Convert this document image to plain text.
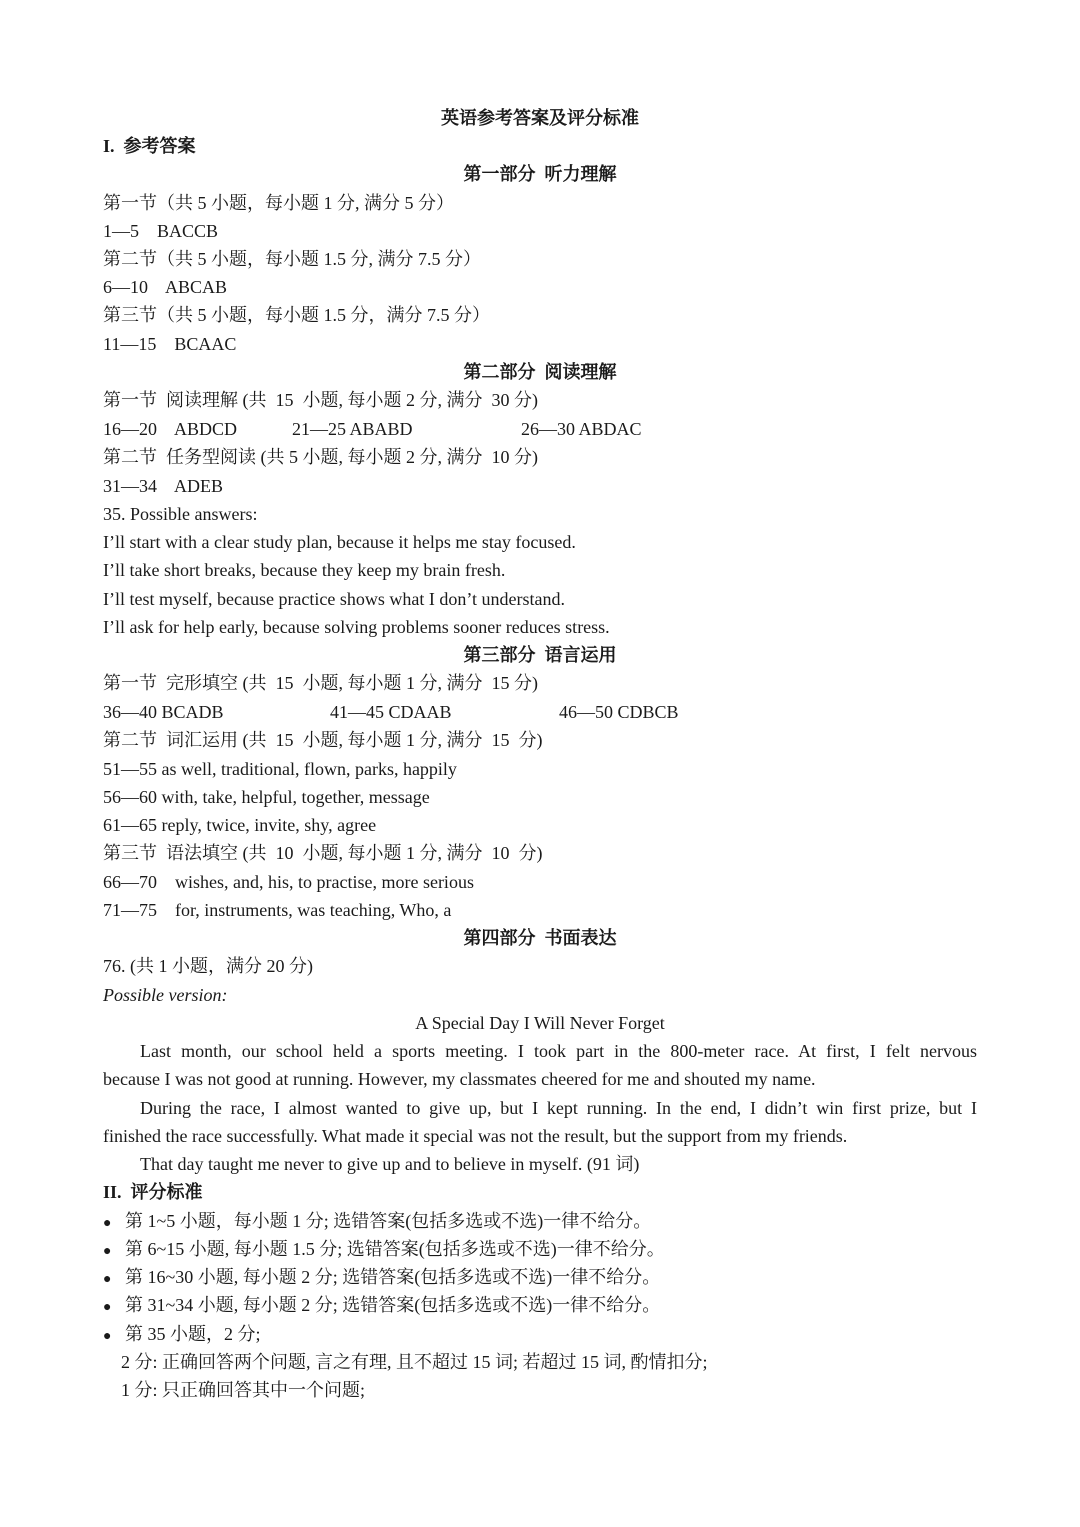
英语参考答案及评分标准
I.  参考答案
第一部分  听力理解
第一节（共 5 小题，每小题 1 分, 满分 5 分）
1—5    BACCB
第二节（共 5 小题，每小题 1.5 分, 满分 7.5 分）
6—10    ABCAB
第三节（共 5 小题，每小题 1.5 分，满分 7.5 分）
11—15    BCAAC
第二部分  阅读理解
第一节  阅读理解 (共  15  小题, 每小题 2 分, 满分  30 分)
16—20    ABDCD	21—25 ABABD	26—30 ABDAC
第二节  任务型阅读 (共 5 小题, 每小题 2 分, 满分  10 分)
31—34    ADEB
35. Possible answers:
I’ll start with a clear study plan, because it helps me stay focused.
I’ll take short breaks, because they keep my brain fresh.
I’ll test myself, because practice shows what I don’t understand.
I’ll ask for help early, because solving problems sooner reduces stress.
第三部分  语言运用
第一节  完形填空 (共  15  小题, 每小题 1 分, 满分  15 分)
36—40 BCADB	41—45 CDAAB	46—50 CDBCB
第二节  词汇运用 (共  15  小题, 每小题 1 分, 满分  15  分)
51—55 as well, traditional, flown, parks, happily
56—60 with, take, helpful, together, message
61—65 reply, twice, invite, shy, agree
第三节  语法填空 (共  10  小题, 每小题 1 分, 满分  10  分)
66—70    wishes, and, his, to practise, more serious
71—75    for, instruments, was teaching, Who, a
第四部分  书面表达
76. (共 1 小题，满分 20 分)
Possible version:
A Special Day I Will Never Forget
Last month, our school held a sports meeting. I took part in the 800-meter race. At first, I felt nervous
because I was not good at running. However, my classmates cheered for me and shouted my name.
During the race, I almost wanted to give up, but I kept running. In the end, I didn’t win first prize, but I
finished the race successfully. What made it special was not the result, but the support from my friends.
That day taught me never to give up and to believe in myself. (91 词)
II.  评分标准
● 第 1~5 小题，每小题 1 分; 选错答案(包括多选或不选)一律不给分。
● 第 6~15 小题, 每小题 1.5 分; 选错答案(包括多选或不选)一律不给分。
● 第 16~30 小题, 每小题 2 分; 选错答案(包括多选或不选)一律不给分。
● 第 31~34 小题, 每小题 2 分; 选错答案(包括多选或不选)一律不给分。
● 第 35 小题，2 分;
2 分: 正确回答两个问题, 言之有理, 且不超过 15 词; 若超过 15 词, 酌情扣分;
1 分: 只正确回答其中一个问题;
